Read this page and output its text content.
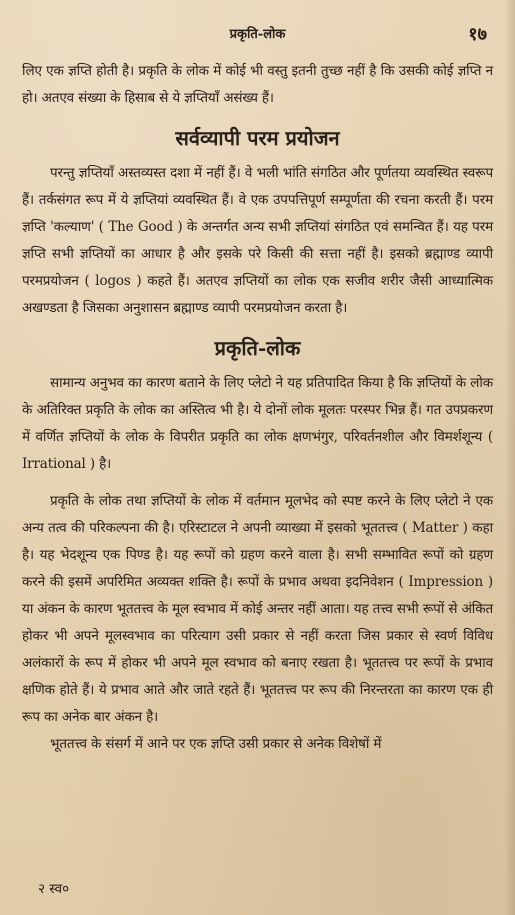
प्रकृति-लोक	१७

लिए एक ज्ञप्ति होती है। प्रकृति के लोक में कोई भी वस्तु इतनी तुच्छ नहीं है कि उसकी कोई ज्ञप्ति न हो। अतएव संख्या के हिसाब से ये ज्ञप्तियाँ असंख्य हैं।

सर्वव्यापी परम प्रयोजन

परन्तु ज्ञप्तियाँ अस्तव्यस्त दशा में नहीं हैं। वे भली भांति संगठित और पूर्णतया व्यवस्थित स्वरूप हैं। तर्कसंगत रूप में ये ज्ञप्तियां व्यवस्थित हैं। वे एक उपपत्तिपूर्ण सम्पूर्णता की रचना करती हैं। परम ज्ञप्ति 'कल्याण' ( The Good ) के अन्तर्गत अन्य सभी ज्ञप्तियां संगठित एवं समन्वित हैं। यह परम ज्ञप्ति सभी ज्ञप्तियों का आधार है और इसके परे किसी की सत्ता नहीं है। इसको ब्रह्माण्ड व्यापी परमप्रयोजन ( logos ) कहते हैं। अतएव ज्ञप्तियों का लोक एक सजीव शरीर जैसी आध्यात्मिक अखण्डता है जिसका अनुशासन ब्रह्माण्ड व्यापी परमप्रयोजन करता है।

प्रकृति-लोक

सामान्य अनुभव का कारण बताने के लिए प्लेटो ने यह प्रतिपादित किया है कि ज्ञप्तियों के लोक के अतिरिक्त प्रकृति के लोक का अस्तित्व भी है। ये दोनों लोक मूलतः परस्पर भिन्न हैं। गत उपप्रकरण में वर्णित ज्ञप्तियों के लोक के विपरीत प्रकृति का लोक क्षणभंगुर, परिवर्तनशील और विमर्शशून्य ( Irrational ) है।

प्रकृति के लोक तथा ज्ञप्तियों के लोक में वर्तमान मूलभेद को स्पष्ट करने के लिए प्लेटो ने एक अन्य तत्व की परिकल्पना की है। एरिस्टाटल ने अपनी व्याख्या में इसको भूततत्त्व ( Matter ) कहा है। यह भेदशून्य एक पिण्ड है। यह रूपों को ग्रहण करने वाला है। सभी सम्भावित रूपों को ग्रहण करने की इसमें अपरिमित अव्यक्त शक्ति है। रूपों के प्रभाव अथवा इदनिवेशन ( Impression ) या अंकन के कारण भूततत्त्व के मूल स्वभाव में कोई अन्तर नहीं आता। यह तत्त्व सभी रूपों से अंकित होकर भी अपने मूलस्वभाव का परित्याग उसी प्रकार से नहीं करता जिस प्रकार से स्वर्ण विविध अलंकारों के रूप में होकर भी अपने मूल स्वभाव को बनाए रखता है। भूततत्त्व पर रूपों के प्रभाव क्षणिक होते हैं। ये प्रभाव आते और जाते रहते हैं। भूततत्त्व पर रूप की निरन्तरता का कारण एक ही रूप का अनेक बार अंकन है।

भूततत्त्व के संसर्ग में आने पर एक ज्ञप्ति उसी प्रकार से अनेक विशेषों में

२ स्व०
